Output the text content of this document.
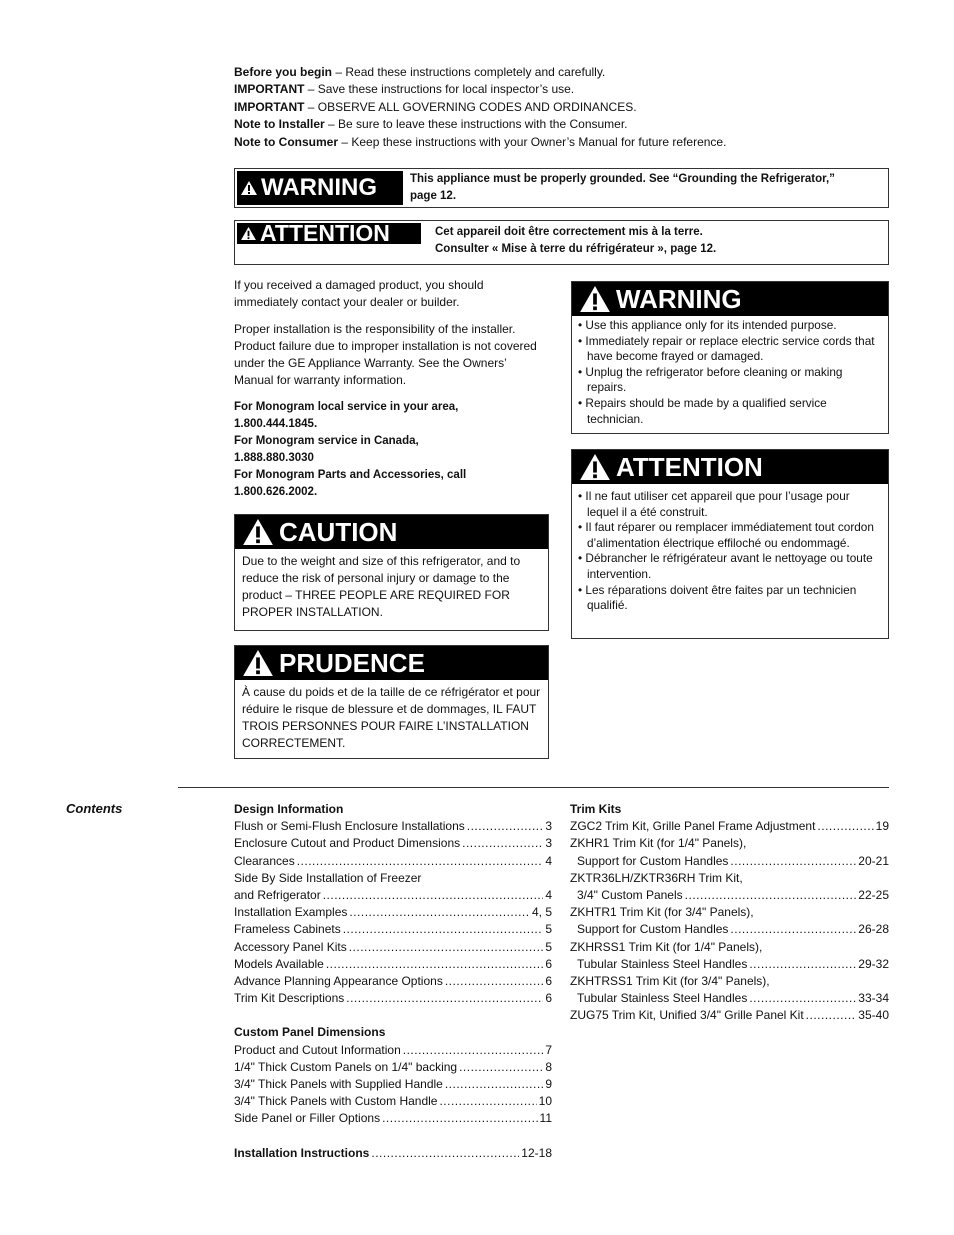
Before you begin – Read these instructions completely and carefully.
IMPORTANT – Save these instructions for local inspector’s use.
IMPORTANT – OBSERVE ALL GOVERNING CODES AND ORDINANCES.
Note to Installer – Be sure to leave these instructions with the Consumer.
Note to Consumer – Keep these instructions with your Owner’s Manual for future reference.
WARNING	This appliance must be properly grounded. See “Grounding the Refrigerator,”
page 12.
ATTENTION	Cet appareil doit être correctement mis à la terre.
Consulter « Mise à terre du réfrigérateur », page 12.

If you received a damaged product, you should immediately contact your dealer or builder.

Proper installation is the responsibility of the installer. Product failure due to improper installation is not covered under the GE Appliance Warranty. See the Owners’ Manual for warranty information.

For Monogram local service in your area,
1.800.444.1845.
For Monogram service in Canada,
1.888.880.3030
For Monogram Parts and Accessories, call
1.800.626.2002.
CAUTION
Due to the weight and size of this refrigerator, and to reduce the risk of personal injury or damage to the product – THREE PEOPLE ARE REQUIRED FOR PROPER INSTALLATION.
PRUDENCE
À cause du poids et de la taille de ce réfrigérator et pour réduire le risque de blessure et de dommages, IL FAUT TROIS PERSONNES POUR FAIRE L’INSTALLATION CORRECTEMENT.
WARNING
• Use this appliance only for its intended purpose.
• Immediately repair or replace electric service cords that have become frayed or damaged.
• Unplug the refrigerator before cleaning or making repairs.
• Repairs should be made by a qualified service technician.
ATTENTION
• Il ne faut utiliser cet appareil que pour l’usage pour lequel il a été construit.
• Il faut réparer ou remplacer immédiatement tout cordon d’alimentation électrique effiloché ou endommagé.
• Débrancher le réfrigérateur avant le nettoyage ou toute intervention.
• Les réparations doivent être faites par un technicien qualifié.
Contents	Design Information
Flush or Semi-Flush Enclosure Installations .....	3
Enclosure Cutout and Product Dimensions .....	3
Clearances .....	4
Side By Side Installation of Freezer
and Refrigerator .....	4
Installation Examples .....	4, 5
Frameless Cabinets .....	5
Accessory Panel Kits .....	5
Models Available .....	6
Advance Planning Appearance Options .....	6
Trim Kit Descriptions .....	6
Custom Panel Dimensions
Product and Cutout Information .....	7
1/4" Thick Custom Panels on 1/4" backing .....	8
3/4" Thick Panels with Supplied Handle .....	9
3/4" Thick Panels with Custom Handle .....	10
Side Panel or Filler Options .....	11
Installation Instructions .....	12-18
Trim Kits
ZGC2 Trim Kit, Grille Panel Frame Adjustment .....	19
ZKHR1 Trim Kit (for 1/4" Panels),
Support for Custom Handles .....	20-21
ZKTR36LH/ZKTR36RH Trim Kit,
3/4" Custom Panels .....	22-25
ZKHTR1 Trim Kit (for 3/4" Panels),
Support for Custom Handles .....	26-28
ZKHRSS1 Trim Kit (for 1/4" Panels),
Tubular Stainless Steel Handles .....	29-32
ZKHTRSS1 Trim Kit (for 3/4" Panels),
Tubular Stainless Steel Handles .....	33-34
ZUG75 Trim Kit, Unified 3/4" Grille Panel Kit .....	35-40
